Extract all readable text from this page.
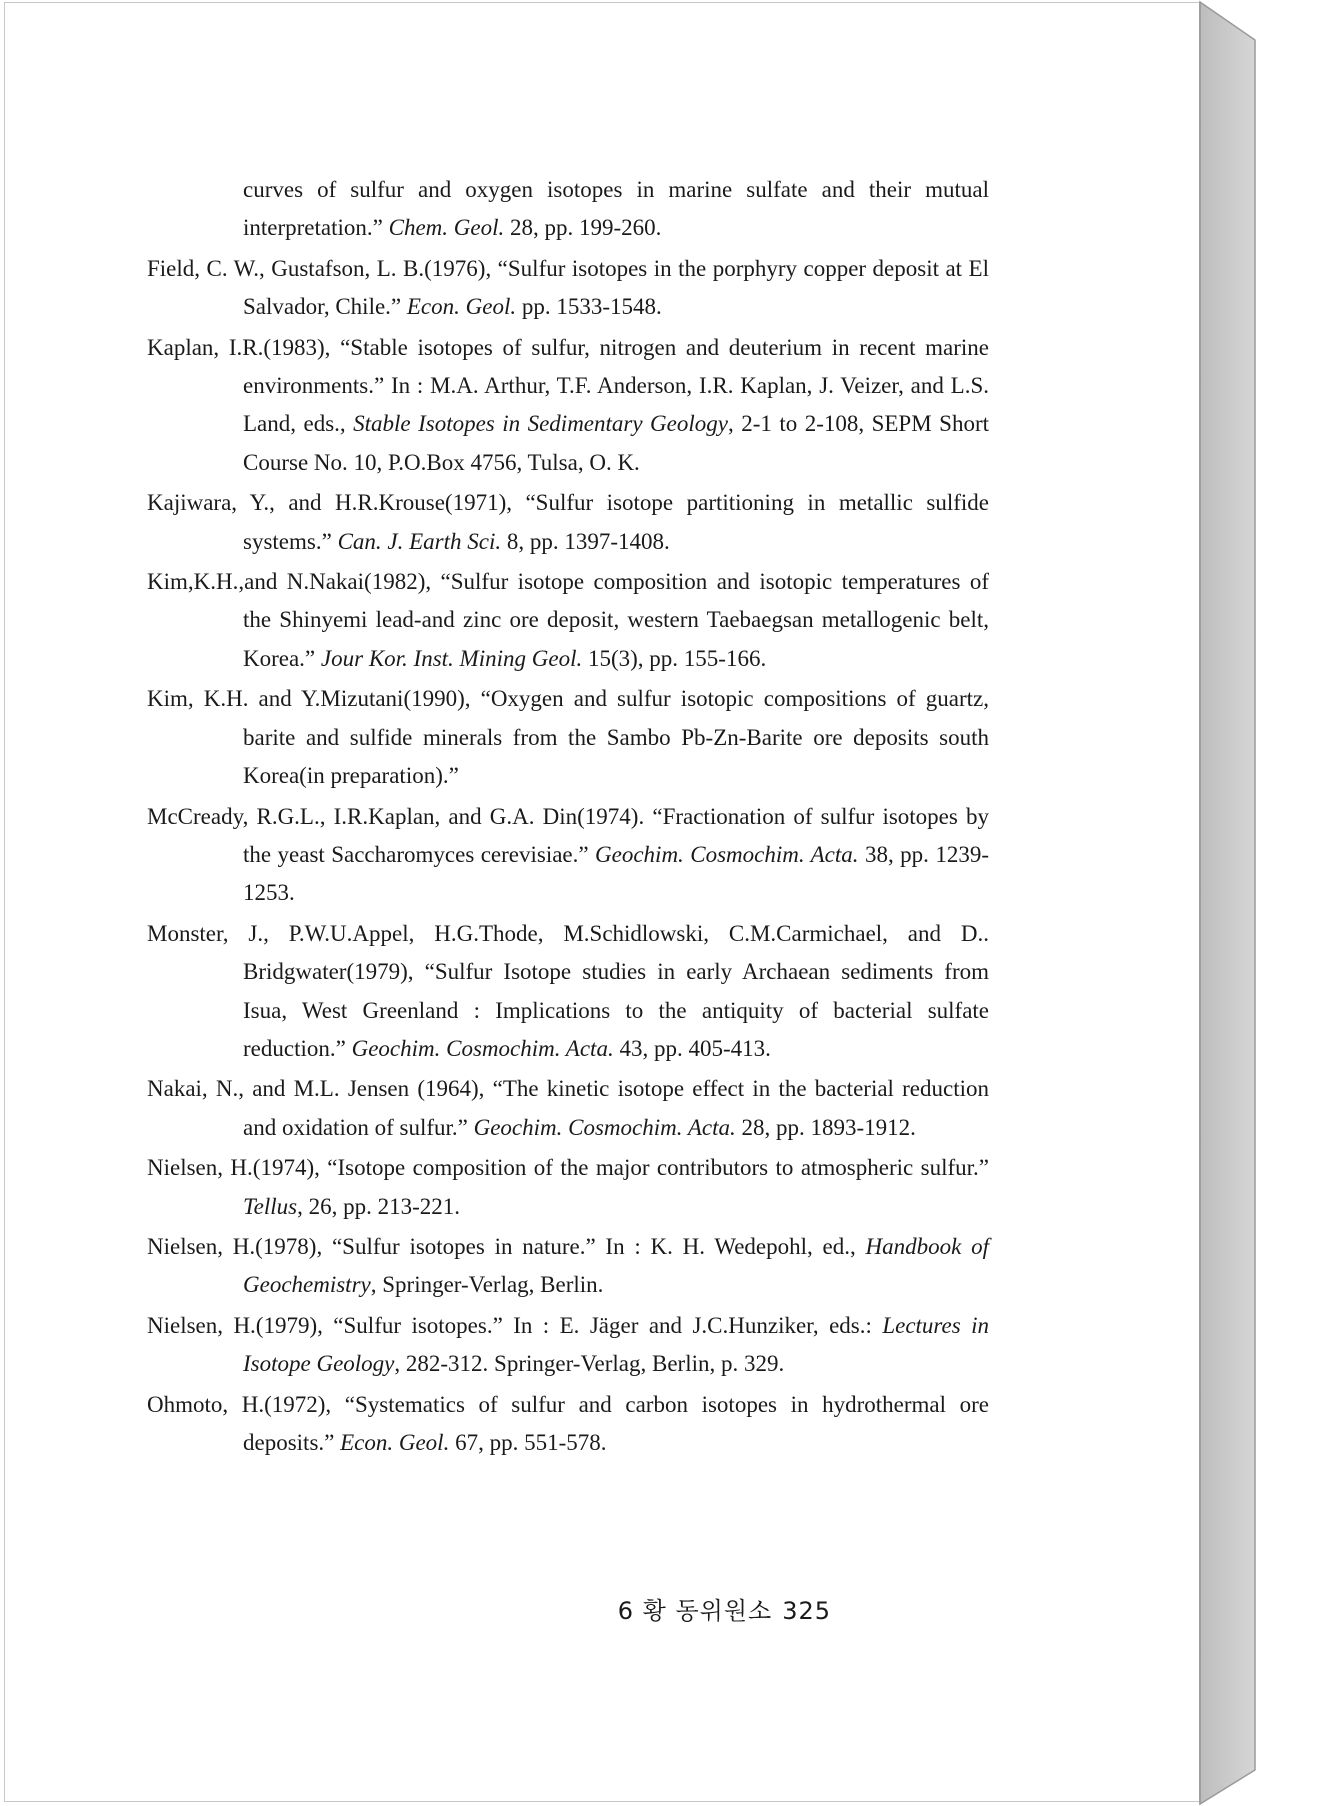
curves of sulfur and oxygen isotopes in marine sulfate and their mutual interpretation.” Chem. Geol. 28, pp. 199-260.
Field, C. W., Gustafson, L. B.(1976), “Sulfur isotopes in the porphyry copper deposit at El Salvador, Chile.” Econ. Geol. pp. 1533-1548.
Kaplan, I.R.(1983), “Stable isotopes of sulfur, nitrogen and deuterium in recent marine environments.” In : M.A. Arthur, T.F. Anderson, I.R. Kaplan, J. Veizer, and L.S. Land, eds., Stable Isotopes in Sedimentary Geology, 2-1 to 2-108, SEPM Short Course No. 10, P.O.Box 4756, Tulsa, O. K.
Kajiwara, Y., and H.R.Krouse(1971), “Sulfur isotope partitioning in metallic sulfide systems.” Can. J. Earth Sci. 8, pp. 1397-1408.
Kim,K.H.,and N.Nakai(1982), “Sulfur isotope composition and isotopic temperatures of the Shinyemi lead-and zinc ore deposit, western Taebaegsan metallogenic belt, Korea.” Jour Kor. Inst. Mining Geol. 15(3), pp. 155-166.
Kim, K.H. and Y.Mizutani(1990), “Oxygen and sulfur isotopic compositions of guartz, barite and sulfide minerals from the Sambo Pb-Zn-Barite ore deposits south Korea(in preparation).”
McCready, R.G.L., I.R.Kaplan, and G.A. Din(1974). “Fractionation of sulfur isotopes by the yeast Saccharomyces cerevisiae.” Geochim. Cosmochim. Acta. 38, pp. 1239-1253.
Monster, J., P.W.U.Appel, H.G.Thode, M.Schidlowski, C.M.Carmichael, and D.. Bridgwater(1979), “Sulfur Isotope studies in early Archaean sediments from Isua, West Greenland : Implications to the antiquity of bacterial sulfate reduction.” Geochim. Cosmochim. Acta. 43, pp. 405-413.
Nakai, N., and M.L. Jensen (1964), “The kinetic isotope effect in the bacterial reduction and oxidation of sulfur.” Geochim. Cosmochim. Acta. 28, pp. 1893-1912.
Nielsen, H.(1974), “Isotope composition of the major contributors to atmospheric sulfur.” Tellus, 26, pp. 213-221.
Nielsen, H.(1978), “Sulfur isotopes in nature.” In : K. H. Wedepohl, ed., Handbook of Geochemistry, Springer-Verlag, Berlin.
Nielsen, H.(1979), “Sulfur isotopes.” In : E. Jäger and J.C.Hunziker, eds.: Lectures in Isotope Geology, 282-312. Springer-Verlag, Berlin, p. 329.
Ohmoto, H.(1972), “Systematics of sulfur and carbon isotopes in hydrothermal ore deposits.” Econ. Geol. 67, pp. 551-578.
6 황 동위원소 325
